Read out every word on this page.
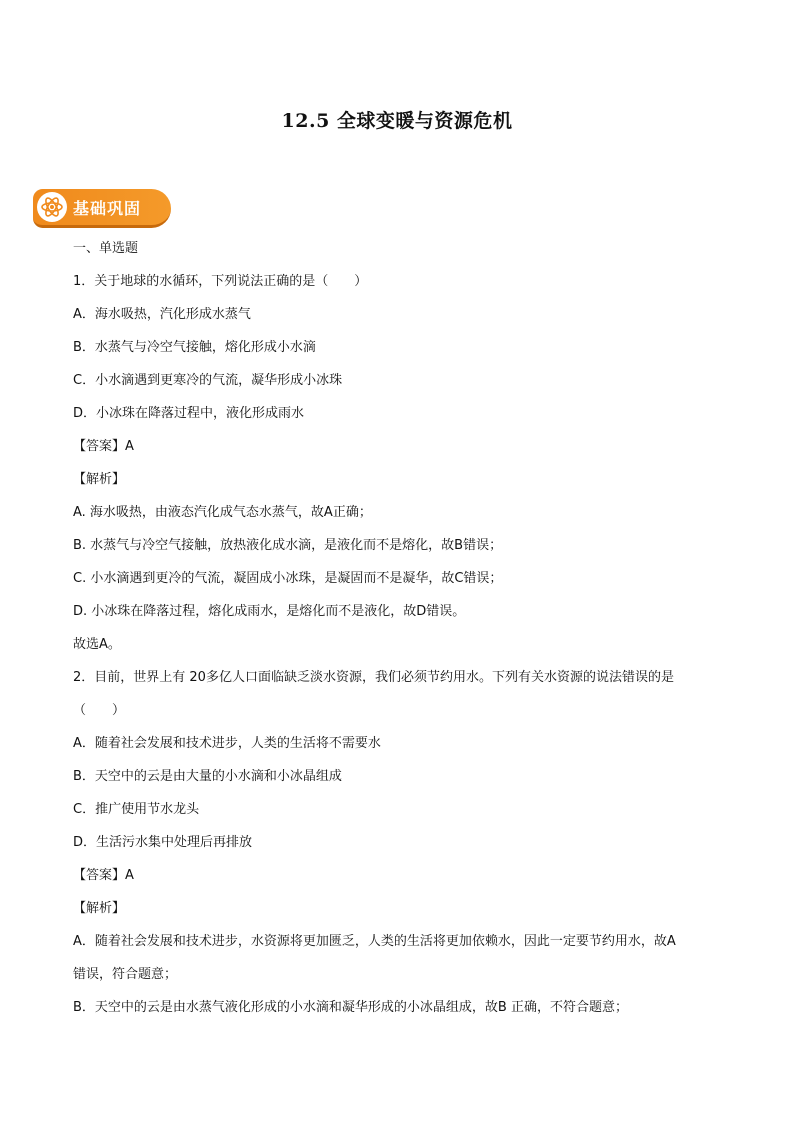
12.5 全球变暖与资源危机
基础巩固
一、单选题
1．关于地球的水循环，下列说法正确的是（　　）
A．海水吸热，汽化形成水蒸气
B．水蒸气与冷空气接触，熔化形成小水滴
C．小水滴遇到更寒冷的气流，凝华形成小冰珠
D．小冰珠在降落过程中，液化形成雨水
【答案】A
【解析】
A. 海水吸热，由液态汽化成气态水蒸气，故A正确；
B. 水蒸气与冷空气接触，放热液化成水滴，是液化而不是熔化，故B错误；
C. 小水滴遇到更冷的气流，凝固成小冰珠，是凝固而不是凝华，故C错误；
D. 小冰珠在降落过程，熔化成雨水，是熔化而不是液化，故D错误。
故选A。
2．目前，世界上有 20多亿人口面临缺乏淡水资源，我们必须节约用水。下列有关水资源的说法错误的是
（　　）
A．随着社会发展和技术进步，人类的生活将不需要水
B．天空中的云是由大量的小水滴和小冰晶组成
C．推广使用节水龙头
D．生活污水集中处理后再排放
【答案】A
【解析】
A．随着社会发展和技术进步，水资源将更加匮乏，人类的生活将更加依赖水，因此一定要节约用水，故A
错误，符合题意；
B．天空中的云是由水蒸气液化形成的小水滴和凝华形成的小冰晶组成，故B 正确，不符合题意；
